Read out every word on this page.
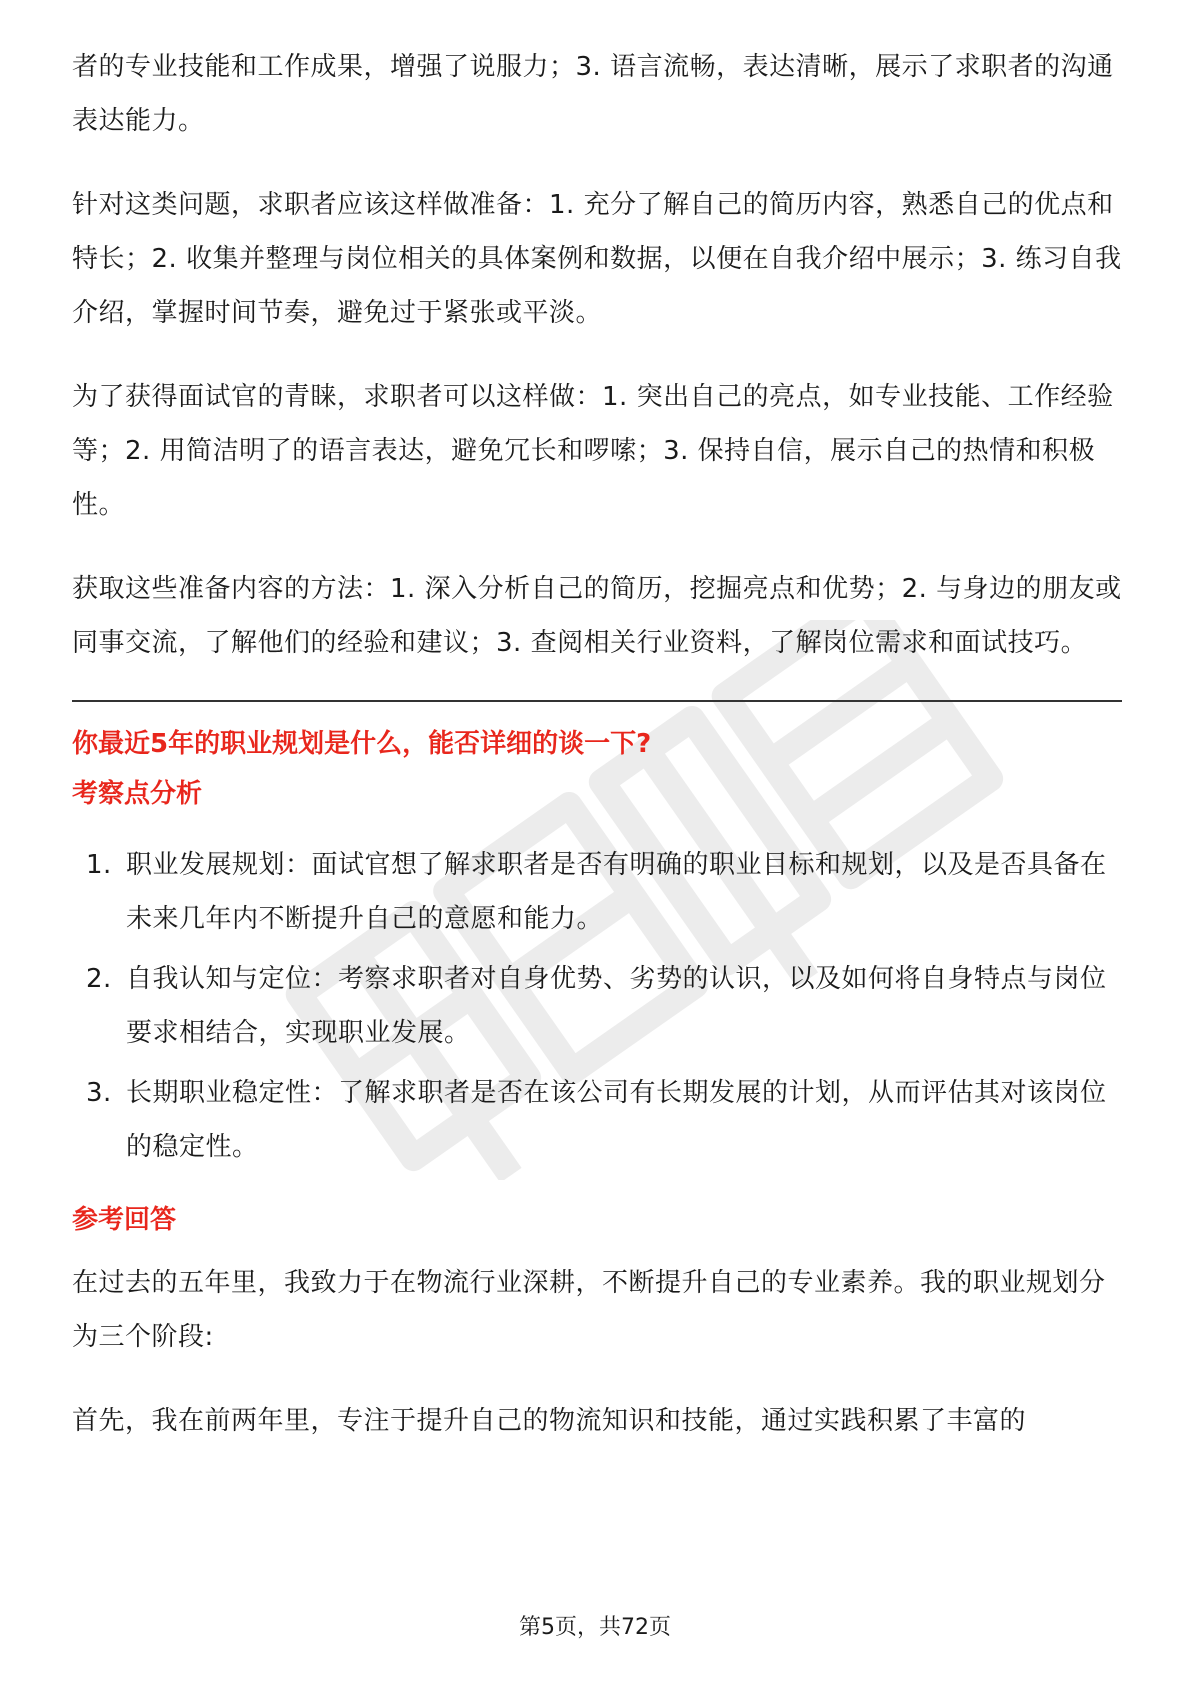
者的专业技能和工作成果，增强了说服力；3. 语言流畅，表达清晰，展示了求职者的沟通表达能力。

针对这类问题，求职者应该这样做准备：1. 充分了解自己的简历内容，熟悉自己的优点和特长；2. 收集并整理与岗位相关的具体案例和数据，以便在自我介绍中展示；3. 练习自我介绍，掌握时间节奏，避免过于紧张或平淡。

为了获得面试官的青睐，求职者可以这样做：1. 突出自己的亮点，如专业技能、工作经验等；2. 用简洁明了的语言表达，避免冗长和啰嗦；3. 保持自信，展示自己的热情和积极性。

获取这些准备内容的方法：1. 深入分析自己的简历，挖掘亮点和优势；2. 与身边的朋友或同事交流，了解他们的经验和建议；3. 查阅相关行业资料，了解岗位需求和面试技巧。

你最近5年的职业规划是什么，能否详细的谈一下?
考察点分析
1. 职业发展规划：面试官想了解求职者是否有明确的职业目标和规划，以及是否具备在未来几年内不断提升自己的意愿和能力。
2. 自我认知与定位：考察求职者对自身优势、劣势的认识，以及如何将自身特点与岗位要求相结合，实现职业发展。
3. 长期职业稳定性：了解求职者是否在该公司有长期发展的计划，从而评估其对该岗位的稳定性。
参考回答

在过去的五年里，我致力于在物流行业深耕，不断提升自己的专业素养。我的职业规划分为三个阶段:

首先，我在前两年里，专注于提升自己的物流知识和技能，通过实践积累了丰富的

第5页，共72页
